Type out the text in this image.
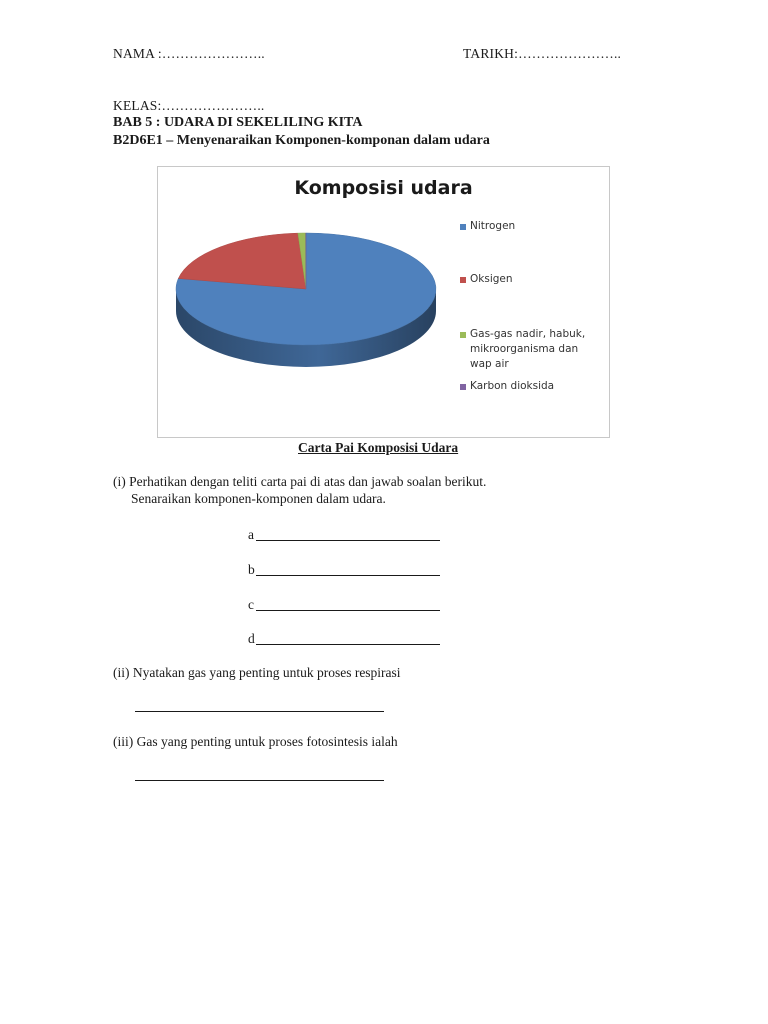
NAMA :…………………..	TARIKH:…………………..
KELAS:…………………..
BAB 5 : UDARA DI SEKELILING KITA
B2D6E1 – Menyenaraikan Komponen-komponan dalam udara
Komposisi udara
Nitrogen
Oksigen
Gas-gas nadir, habuk, mikroorganisma dan wap air
Karbon dioksida
Carta Pai Komposisi Udara
(i) Perhatikan dengan teliti carta pai di atas dan jawab soalan berikut.
Senaraikan komponen-komponen dalam udara.
a
b
c
d
(ii) Nyatakan gas yang penting untuk proses respirasi
(iii) Gas yang penting untuk proses fotosintesis ialah
